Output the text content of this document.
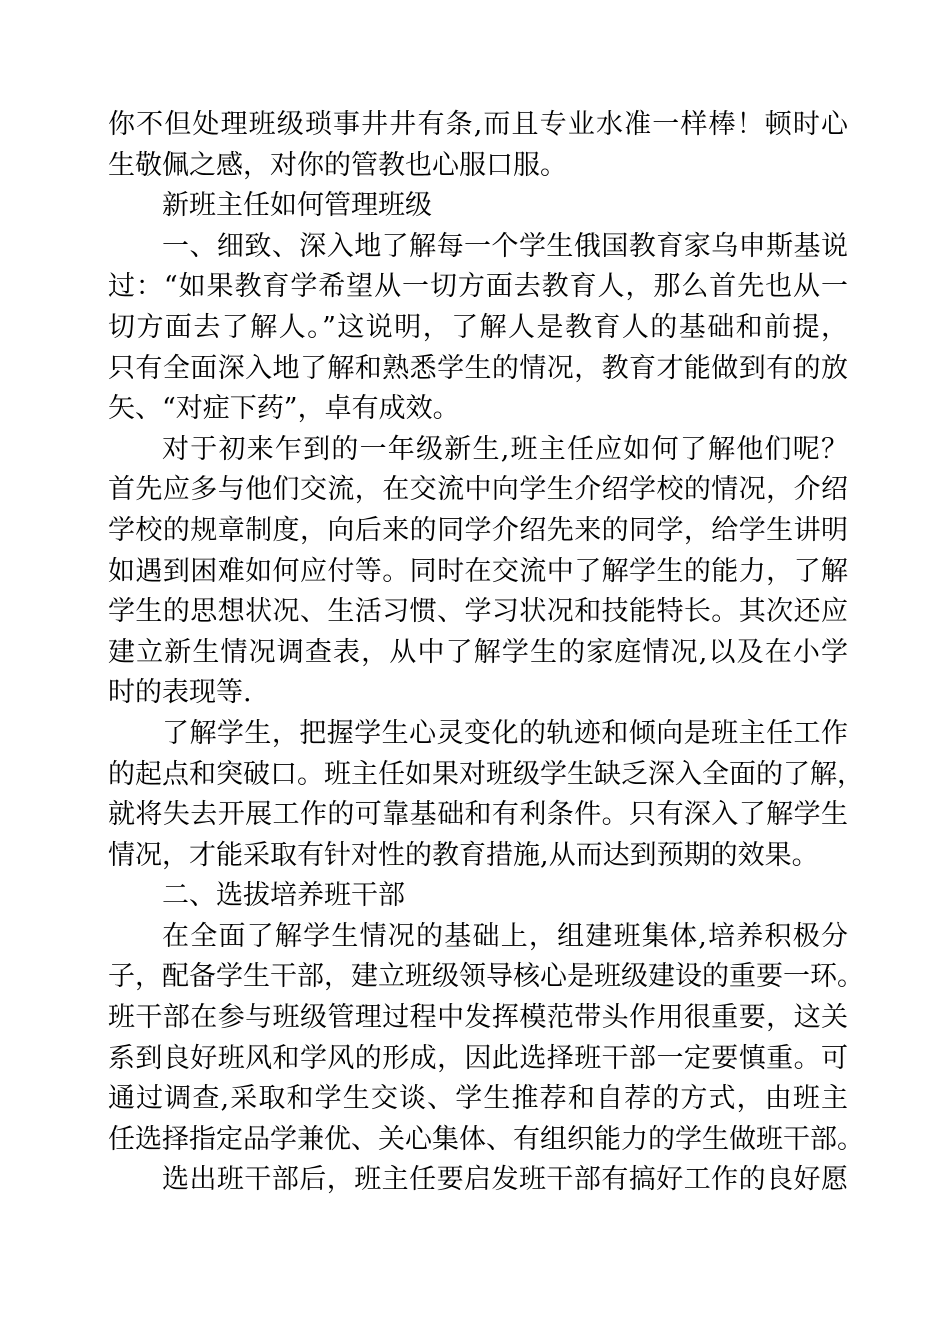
你不但处理班级琐事井井有条,而且专业水准一样棒！顿时心
生敬佩之感，对你的管教也心服口服。
新班主任如何管理班级
一、细致、深入地了解每一个学生俄国教育家乌申斯基说
过：“如果教育学希望从一切方面去教育人，那么首先也从一
切方面去了解人。”这说明，了解人是教育人的基础和前提，
只有全面深入地了解和熟悉学生的情况，教育才能做到有的放
矢、“对症下药”，卓有成效。
对于初来乍到的一年级新生,班主任应如何了解他们呢？
首先应多与他们交流，在交流中向学生介绍学校的情况，介绍
学校的规章制度，向后来的同学介绍先来的同学，给学生讲明
如遇到困难如何应付等。同时在交流中了解学生的能力，了解
学生的思想状况、生活习惯、学习状况和技能特长。其次还应
建立新生情况调查表，从中了解学生的家庭情况,以及在小学
时的表现等.
了解学生，把握学生心灵变化的轨迹和倾向是班主任工作
的起点和突破口。班主任如果对班级学生缺乏深入全面的了解，
就将失去开展工作的可靠基础和有利条件。只有深入了解学生
情况，才能采取有针对性的教育措施,从而达到预期的效果。
二、选拔培养班干部
在全面了解学生情况的基础上，组建班集体,培养积极分
子，配备学生干部，建立班级领导核心是班级建设的重要一环。
班干部在参与班级管理过程中发挥模范带头作用很重要，这关
系到良好班风和学风的形成，因此选择班干部一定要慎重。可
通过调查,采取和学生交谈、学生推荐和自荐的方式，由班主
任选择指定品学兼优、关心集体、有组织能力的学生做班干部。
选出班干部后，班主任要启发班干部有搞好工作的良好愿
